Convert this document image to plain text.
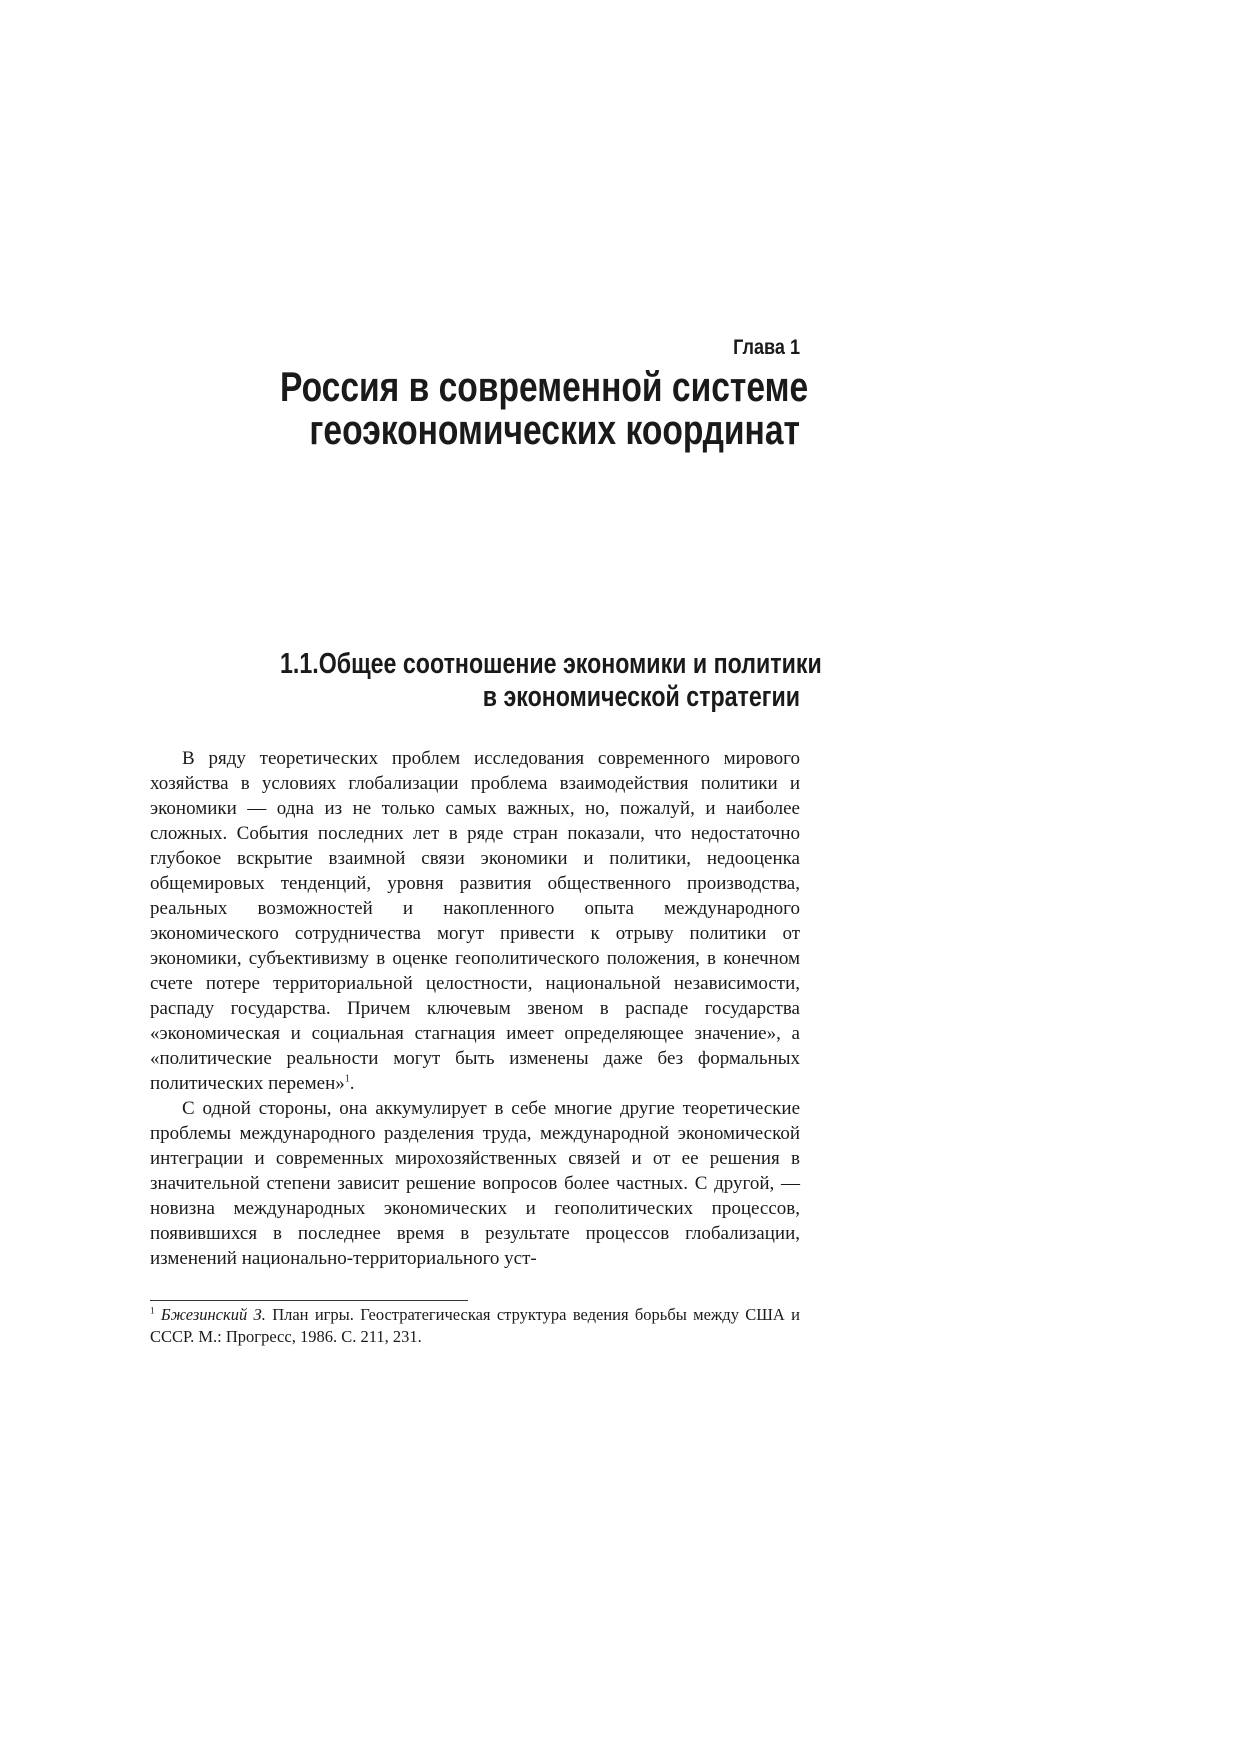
Глава 1
Россия в современной системе
геоэкономических координат
1.1.Общее соотношение экономики и политики
в экономической стратегии

В ряду теоретических проблем исследования современного мирового хозяйства в условиях глобализации проблема взаимодействия политики и экономики — одна из не только самых важных, но, пожалуй, и наиболее сложных. События последних лет в ряде стран показали, что недостаточно глубокое вскрытие взаимной связи экономики и политики, недооценка общемировых тенденций, уровня развития общественного производства, реальных возможностей и накопленного опыта международного экономического сотрудничества могут привести к отрыву политики от экономики, субъективизму в оценке геополитического положения, в конечном счете потере территориальной целостности, национальной независимости, распаду государства. Причем ключевым звеном в распаде государства «экономическая и социальная стагнация имеет определяющее значение», а «политические реальности могут быть изменены даже без формальных политических перемен»$^1$.

С одной стороны, она аккумулирует в себе многие другие теоретические проблемы международного разделения труда, международной экономической интеграции и современных мирохозяйственных связей и от ее решения в значительной степени зависит решение вопросов более частных. С другой, — новизна международных экономических и геополитических процессов, появившихся в последнее время в результате процессов глобализации, изменений национально-территориального уст-

$^1$ Бжезинский З. План игры. Геостратегическая структура ведения борьбы между США и СССР. М.: Прогресс, 1986. С. 211, 231.
